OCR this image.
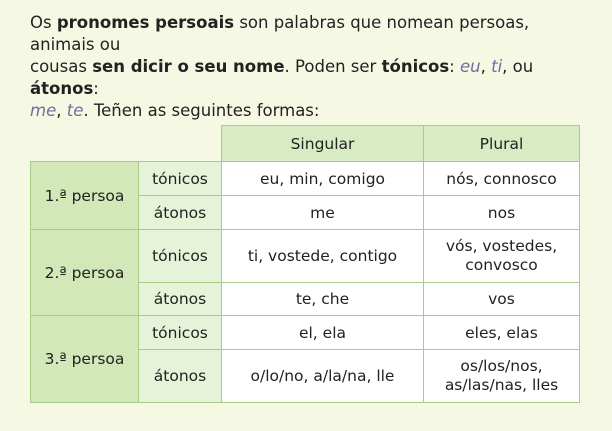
Os pronomes persoais son palabras que nomean persoas, animais ou
cousas sen dicir o seu nome. Poden ser tónicos: eu, ti, ou átonos:
me, te. Teñen as seguintes formas:

		Singular	Plural
1.ª persoa	tónicos	eu, min, comigo	nós, connosco
	átonos	me	nos
2.ª persoa	tónicos	ti, vostede, contigo	vós, vostedes,
convosco
	átonos	te, che	vos
3.ª persoa	tónicos	el, ela	eles, elas
	átonos	o/lo/no, a/la/na, lle	os/los/nos,
as/las/nas, lles
